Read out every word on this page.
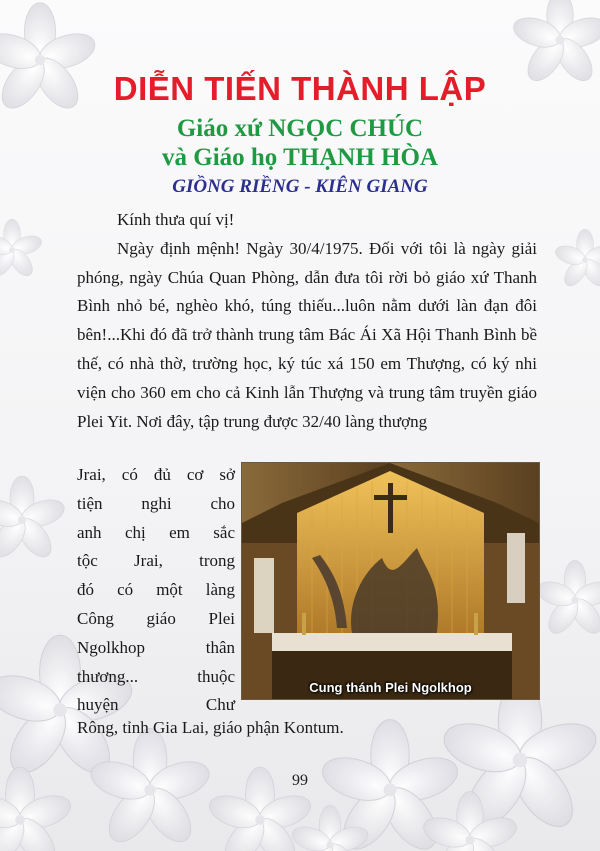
DIỄN TIẾN THÀNH LẬP
Giáo xứ NGỌC CHÚC
và Giáo họ THẠNH HÒA
GIỒNG RIỀNG - KIÊN GIANG

Kính thưa quí vị!

Ngày định mệnh! Ngày 30/4/1975. Đối với tôi là ngày giải phóng, ngày Chúa Quan Phòng, dẫn đưa tôi rời bỏ giáo xứ Thanh Bình nhỏ bé, nghèo khó, túng thiếu...luôn nằm dưới làn đạn đôi bên!...Khi đó đã trở thành trung tâm Bác Ái Xã Hội Thanh Bình bề thế, có nhà thờ, trường học, ký túc xá 150 em Thượng, có ký nhi viện cho 360 em cho cả Kinh lẫn Thượng và trung tâm truyền giáo Plei Yit. Nơi đây, tập trung được 32/40 làng thượng

Jrai, có đủ cơ sở
tiện nghi cho
anh chị em sắc
tộc Jrai, trong
đó có một làng
Công giáo Plei
Ngolkhop thân
thương... thuộc
huyện Chư
Rông, tỉnh Gia Lai, giáo phận Kontum.
Cung thánh Plei Ngolkhop
99
